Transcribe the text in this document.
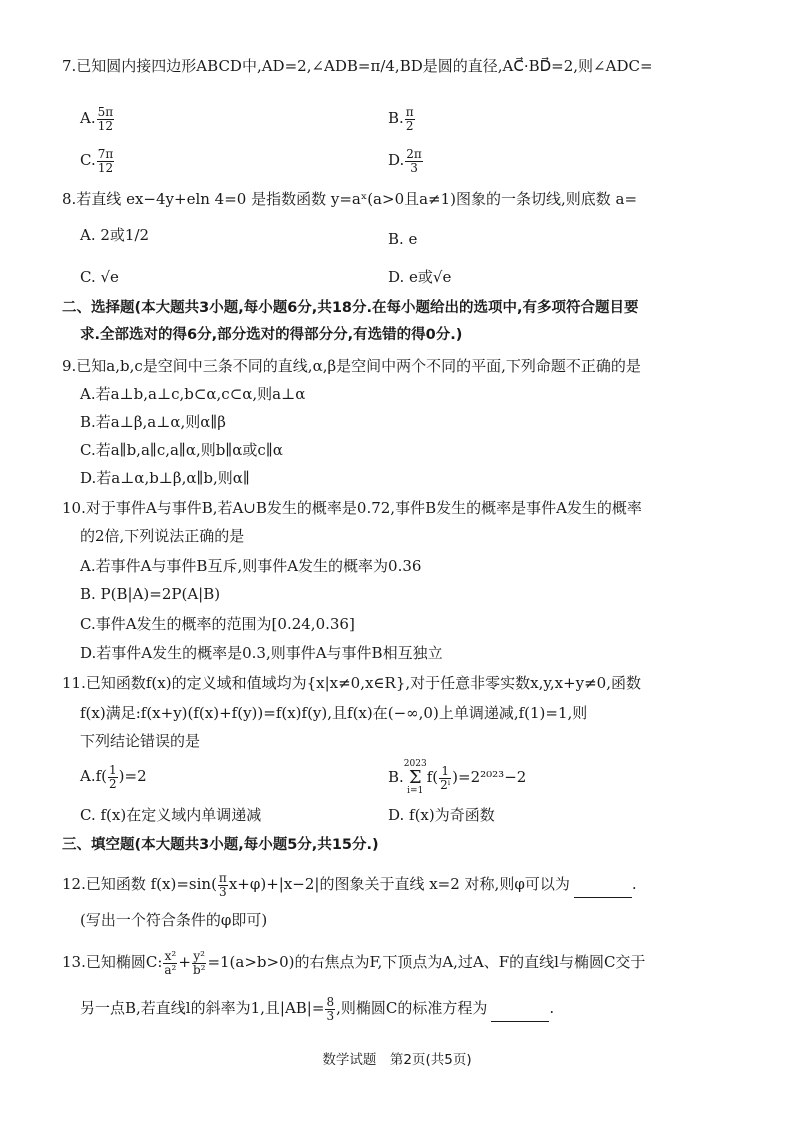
7.已知圆内接四边形ABCD中,AD=2,∠ADB=π/4,BD是圆的直径,AC⃗·BD⃗=2,则∠ADC=
A. $\frac{5\pi}{12}$	B. $\frac{\pi}{2}$
C. $\frac{7\pi}{12}$	D. $\frac{2\pi}{3}$
8.若直线 ex−4y+eln 4=0 是指数函数 y=aˣ(a>0且a≠1)图象的一条切线,则底数 a=
A. 2或1/2	B. e
C. √e	D. e或√e
二、选择题(本大题共3小题,每小题6分,共18分.在每小题给出的选项中,有多项符合题目要
求.全部选对的得6分,部分选对的得部分分,有选错的得0分.)
9.已知a,b,c是空间中三条不同的直线,α,β是空间中两个不同的平面,下列命题不正确的是
A.若a⊥b,a⊥c,b⊂α,c⊂α,则a⊥α
B.若a⊥β,a⊥α,则α∥β
C.若a∥b,a∥c,a∥α,则b∥α或c∥α
D.若a⊥α,b⊥β,α∥b,则α∥
10.对于事件A与事件B,若A∪B发生的概率是0.72,事件B发生的概率是事件A发生的概率
的2倍,下列说法正确的是
A.若事件A与事件B互斥,则事件A发生的概率为0.36
B. P(B|A)=2P(A|B)
C.事件A发生的概率的范围为[0.24,0.36]
D.若事件A发生的概率是0.3,则事件A与事件B相互独立
11.已知函数f(x)的定义域和值域均为{x|x≠0,x∈R},对于任意非零实数x,y,x+y≠0,函数
f(x)满足:f(x+y)(f(x)+f(y))=f(x)f(y),且f(x)在(−∞,0)上单调递减,f(1)=1,则
下列结论错误的是
$A.f( \frac{1}{2} )=2$	B.2023
Σ
$i=1f( \frac{1}{\text{2ⁱ}} )=2^{2023}-2$
C. f(x)在定义域内单调递减	D. f(x)为奇函数
三、填空题(本大题共3小题,每小题5分,共15分.)
12.已知函数 $f(x)=\sin( \frac{\pi}{3} x+\varphi)+|x-2|$的图象关于直线 x=2 对称,则φ可以为	.
(写出一个符合条件的φ即可)
13.已知椭圆C: $\frac{\text{x²}}{\text{a²}} + \frac{\text{y²}}{\text{b²}} =1(a>b>0)$的右焦点为F,下顶点为A,过A、F的直线l与椭圆C交于
另一点B,若直线l的斜率为1,且$|AB|= \frac{8}{3}$ ,则椭圆C的标准方程为	.
数学试题　第2页(共5页)
